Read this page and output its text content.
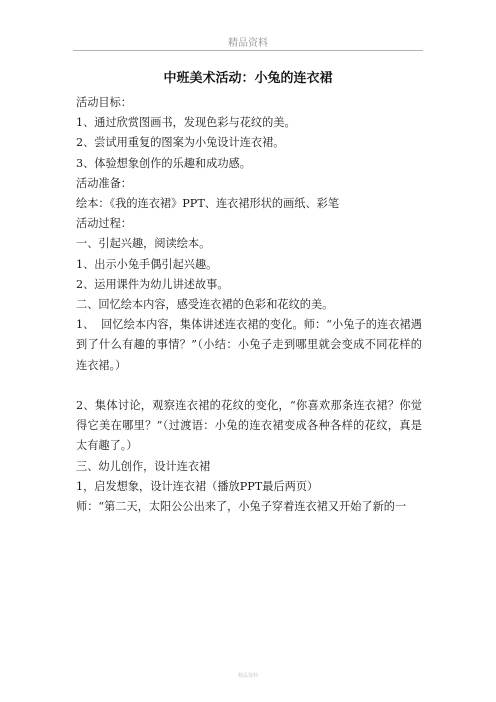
精品资料
中班美术活动：小兔的连衣裙

活动目标：

1、通过欣赏图画书，发现色彩与花纹的美。

2、尝试用重复的图案为小兔设计连衣裙。

3、体验想象创作的乐趣和成功感。

活动准备：

绘本：《我的连衣裙》PPT、连衣裙形状的画纸、彩笔

活动过程：

一、引起兴趣，阅读绘本。

1、出示小兔手偶引起兴趣。

2、运用课件为幼儿讲述故事。

二、回忆绘本内容，感受连衣裙的色彩和花纹的美。

1、 回忆绘本内容，集体讲述连衣裙的变化。师：“小兔子的连衣裙遇到了什么有趣的事情？”（小结：小兔子走到哪里就会变成不同花样的连衣裙。）

2、集体讨论，观察连衣裙的花纹的变化，“你喜欢那条连衣裙？你觉得它美在哪里？”（过渡语：小兔的连衣裙变成各种各样的花纹，真是太有趣了。）

三、幼儿创作，设计连衣裙

1，启发想象，设计连衣裙（播放PPT最后两页）

师：“第二天，太阳公公出来了，小兔子穿着连衣裙又开始了新的一

精品资料
